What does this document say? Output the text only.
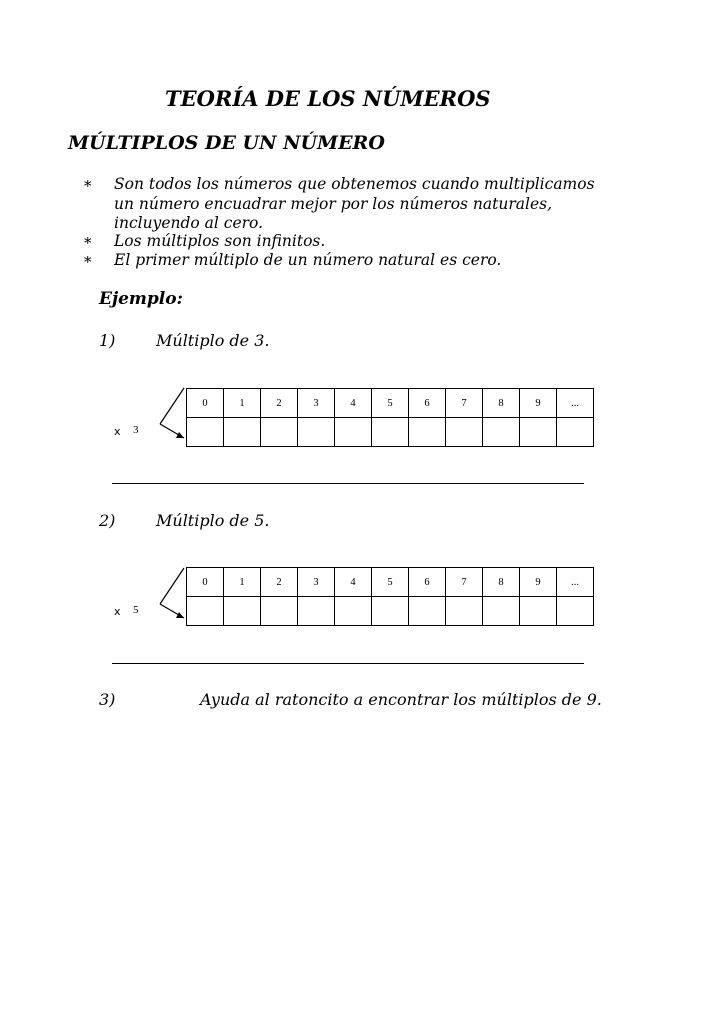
TEORÍA DE LOS NÚMEROS
MÚLTIPLOS DE UN NÚMERO
* Son todos los números que obtenemos cuando multiplicamos
un número encuadrar mejor por los números naturales,
incluyendo al cero.
* Los múltiplos son infinitos.
* El primer múltiplo de un número natural es cero.
Ejemplo:
1)	Múltiplo de 3.
x 3
0	1	2	3	4	5	6	7	8	9	...

2)	Múltiplo de 5.
x 5
0	1	2	3	4	5	6	7	8	9	...

3)	Ayuda al ratoncito a encontrar los múltiplos de 9.
